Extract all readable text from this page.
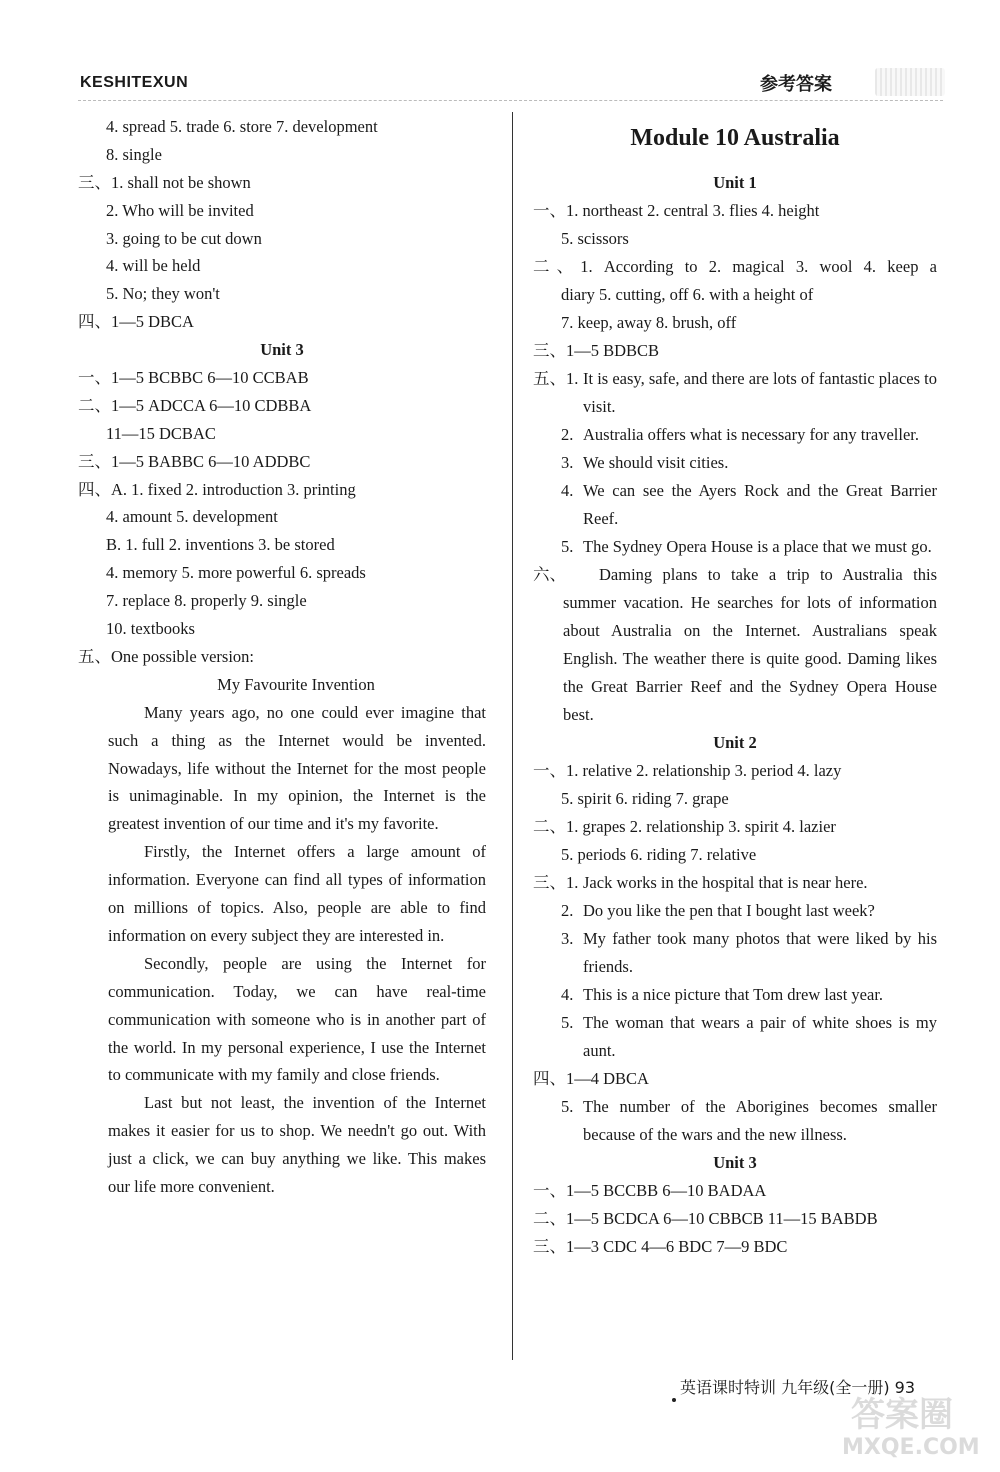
KESHITEXUN	参考答案
4. spread 5. trade 6. store 7. development
8. single
三、1. shall not be shown
2. Who will be invited
3. going to be cut down
4. will be held
5. No; they won't
四、1—5 DBCA
Unit 3
一、1—5 BCBBC 6—10 CCBAB
二、1—5 ADCCA 6—10 CDBBA
11—15 DCBAC
三、1—5 BABBC 6—10 ADDBC
四、A. 1. fixed 2. introduction 3. printing
4. amount 5. development
B. 1. full 2. inventions 3. be stored
4. memory 5. more powerful 6. spreads
7. replace 8. properly 9. single
10. textbooks
五、One possible version:
My Favourite Invention

Many years ago, no one could ever imagine that such a thing as the Internet would be invented. Nowadays, life without the Internet for the most people is unimaginable. In my opinion, the Internet is the greatest invention of our time and it's my favorite.

Firstly, the Internet offers a large amount of information. Everyone can find all types of information on millions of topics. Also, people are able to find information on every subject they are interested in.

Secondly, people are using the Internet for communication. Today, we can have real-time communication with someone who is in another part of the world. In my personal experience, I use the Internet to communicate with my family and close friends.

Last but not least, the invention of the Internet makes it easier for us to shop. We needn't go out. With just a click, we can buy anything we like. This makes our life more convenient.

Module 10 Australia
Unit 1
一、1. northeast 2. central 3. flies 4. height
5. scissors
二、1. According to 2. magical 3. wool 4. keep a
diary 5. cutting, off 6. with a height of
7. keep, away 8. brush, off
三、1—5 BDBCB
五、1. It is easy, safe, and there are lots of fantastic places to visit.
2. Australia offers what is necessary for any traveller.
3. We should visit cities.
4. We can see the Ayers Rock and the Great Barrier Reef.
5. The Sydney Opera House is a place that we must go.
六、	Daming plans to take a trip to Australia this summer vacation. He searches for lots of information about Australia on the Internet. Australians speak English. The weather there is quite good. Daming likes the Great Barrier Reef and the Sydney Opera House best.
Unit 2
一、1. relative 2. relationship 3. period 4. lazy
5. spirit 6. riding 7. grape
二、1. grapes 2. relationship 3. spirit 4. lazier
5. periods 6. riding 7. relative
三、1. Jack works in the hospital that is near here.
2. Do you like the pen that I bought last week?
3. My father took many photos that were liked by his friends.
4. This is a nice picture that Tom drew last year.
5. The woman that wears a pair of white shoes is my aunt.
四、1—4 DBCA
5. The number of the Aborigines becomes smaller because of the wars and the new illness.
Unit 3
一、1—5 BCCBB 6—10 BADAA
二、1—5 BCDCA 6—10 CBBCB 11—15 BABDB
三、1—3 CDC 4—6 BDC 7—9 BDC
英语课时特训 九年级(全一册) 93
答案圈
MXQE.COM
